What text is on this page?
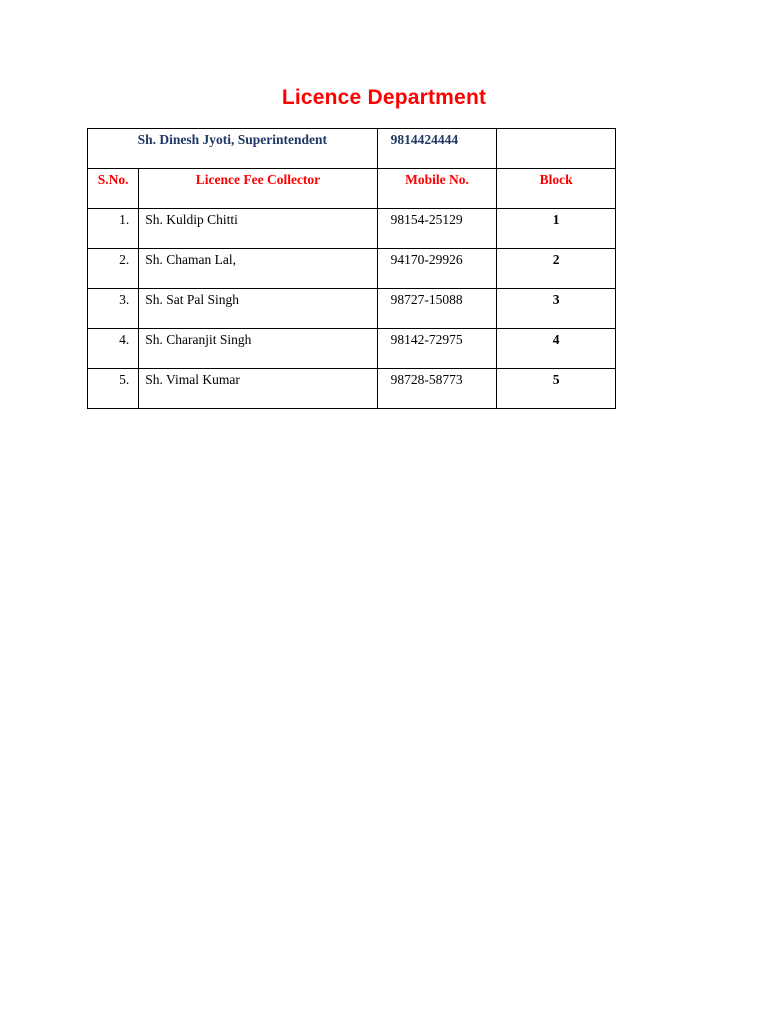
Licence Department
Sh. Dinesh Jyoti, Superintendent		9814424444	

S.No.	Licence Fee Collector	Mobile No.	Block

1.	Sh. Kuldip Chitti	98154-25129	1

2.	Sh. Chaman Lal,	94170-29926	2

3.	Sh. Sat Pal Singh	98727-15088	3

4.	Sh. Charanjit Singh	98142-72975	4

5.	Sh. Vimal Kumar	98728-58773	5
